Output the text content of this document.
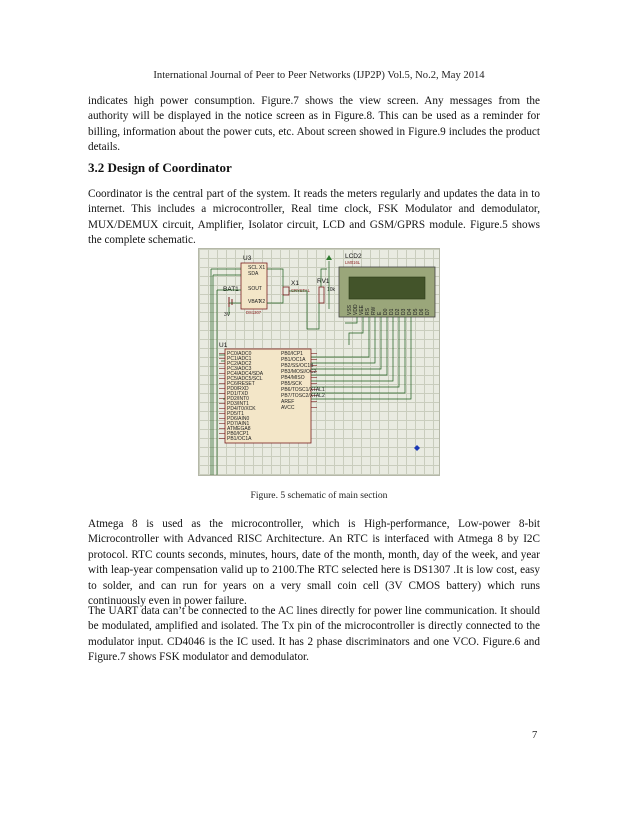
International Journal of Peer to Peer Networks (IJP2P) Vol.5, No.2, May 2014

indicates high power consumption. Figure.7 shows the view screen. Any messages from the authority will be displayed in the notice screen as in Figure.8. This can be used as a reminder for billing, information about the power cuts, etc. About screen showed in Figure.9 includes the product details.

3.2 Design of Coordinator

Coordinator is the central part of the system. It reads the meters regularly and updates the data in to internet. This includes a microcontroller, Real time clock, FSK Modulator and demodulator, MUX/DEMUX circuit, Amplifier, Isolator circuit, LCD and GSM/GPRS module. Figure.5 shows the complete schematic.

U3
SCL
SDA
SOUT
VBAT
X1
X2
DS1307
BAT1
3V
X1
CRYSTAL
RV1
10k
LCD2
LM016L
VSS VDD VEE RS RW E D0 D1 D2 D3 D4 D5 D6 D7
U1
PC0/ADC0
PC1/ADC1
PC2/ADC2
PC3/ADC3
PC4/ADC4/SDA
PC5/ADC5/SCL
PC6/RESET
PD0/RXD
PD1/TXD
PD2/INT0
PD3/INT1
PD4/T0/XCK
PD5/T1
PD6/AIN0
PD7/AIN1
ATMEGA8
PB0/ICP1
PB1/OC1A
PB0/ICP1
PB1/OC1A
PB2/SS/OC1B
PB3/MOSI/OC2
PB4/MISO
PB5/SCK
PB6/TOSC1/XTAL1
PB7/TOSC2/XTAL2
AREF
AVCC
Figure. 5 schematic of main section

Atmega 8 is used as the microcontroller, which is High-performance, Low-power 8-bit Microcontroller with Advanced RISC Architecture. An RTC is interfaced with Atmega 8 by I2C protocol. RTC counts seconds, minutes, hours, date of the month, month, day of the week, and year with leap-year compensation valid up to 2100.The RTC selected here is DS1307 .It is low cost, easy to solder, and can run for years on a very small coin cell (3V CMOS battery) which runs continuously even in power failure.

The UART data can’t be connected to the AC lines directly for power line communication. It should be modulated, amplified and isolated. The Tx pin of the microcontroller is directly connected to the modulator input. CD4046 is the IC used. It has 2 phase discriminators and one VCO. Figure.6 and Figure.7 shows FSK modulator and demodulator.

7
